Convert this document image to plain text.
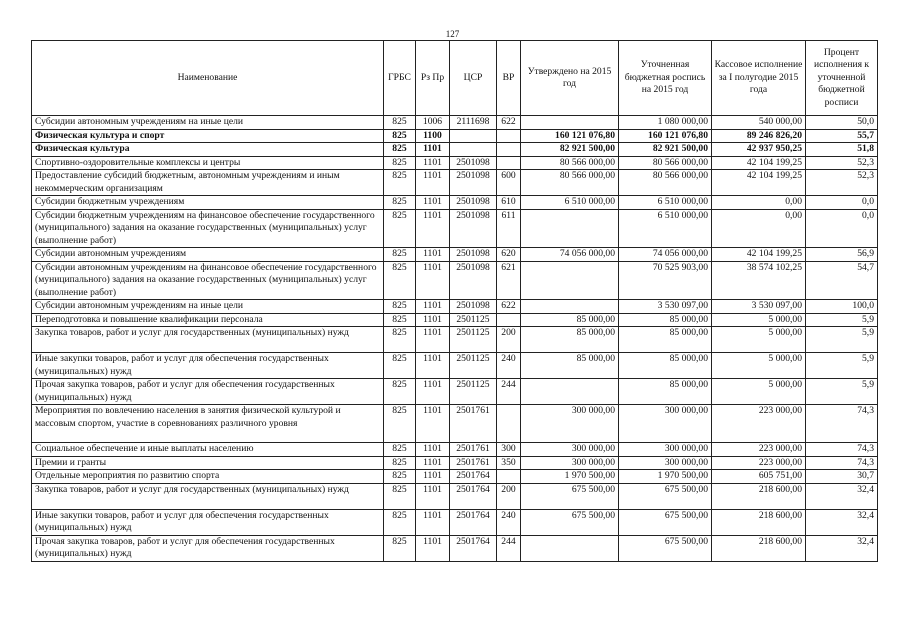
127
Наименование	ГРБС	Рз Пр	ЦСР	ВР	Утверждено на 2015 год	Уточненная бюджетная роспись на 2015 год	Кассовое исполнение за I полугодие 2015 года	Процент исполнения к уточненной бюджетной росписи
Субсидии автономным учреждениям на иные цели	825	1006	2111698	622		1 080 000,00	540 000,00	50,0
Физическая культура и спорт	825	1100			160 121 076,80	160 121 076,80	89 246 826,20	55,7
Физическая культура	825	1101			82 921 500,00	82 921 500,00	42 937 950,25	51,8
Спортивно-оздоровительные комплексы и центры	825	1101	2501098		80 566 000,00	80 566 000,00	42 104 199,25	52,3
Предоставление субсидий бюджетным, автономным учреждениям и иным некоммерческим организациям	825	1101	2501098	600	80 566 000,00	80 566 000,00	42 104 199,25	52,3
Субсидии бюджетным учреждениям	825	1101	2501098	610	6 510 000,00	6 510 000,00	0,00	0,0
Субсидии бюджетным учреждениям на финансовое обеспечение государственного (муниципального) задания на оказание государственных (муниципальных) услуг (выполнение работ)	825	1101	2501098	611		6 510 000,00	0,00	0,0
Субсидии автономным учреждениям	825	1101	2501098	620	74 056 000,00	74 056 000,00	42 104 199,25	56,9
Субсидии автономным учреждениям на финансовое обеспечение государственного (муниципального) задания на оказание государственных (муниципальных) услуг (выполнение работ)	825	1101	2501098	621		70 525 903,00	38 574 102,25	54,7
Субсидии автономным учреждениям на иные цели	825	1101	2501098	622		3 530 097,00	3 530 097,00	100,0
Переподготовка и повышение квалификации персонала	825	1101	2501125		85 000,00	85 000,00	5 000,00	5,9
Закупка товаров, работ и услуг для государственных (муниципальных) нужд	825	1101	2501125	200	85 000,00	85 000,00	5 000,00	5,9
Иные закупки товаров, работ и услуг для обеспечения государственных (муниципальных) нужд	825	1101	2501125	240	85 000,00	85 000,00	5 000,00	5,9
Прочая закупка товаров, работ и услуг для обеспечения государственных (муниципальных) нужд	825	1101	2501125	244		85 000,00	5 000,00	5,9
Мероприятия по вовлечению населения в занятия физической культурой и массовым спортом, участие в соревнованиях различного уровня	825	1101	2501761		300 000,00	300 000,00	223 000,00	74,3
Социальное обеспечение и иные выплаты населению	825	1101	2501761	300	300 000,00	300 000,00	223 000,00	74,3
Премии и гранты	825	1101	2501761	350	300 000,00	300 000,00	223 000,00	74,3
Отдельные мероприятия по развитию спорта	825	1101	2501764		1 970 500,00	1 970 500,00	605 751,00	30,7
Закупка товаров, работ и услуг для государственных (муниципальных) нужд	825	1101	2501764	200	675 500,00	675 500,00	218 600,00	32,4
Иные закупки товаров, работ и услуг для обеспечения государственных (муниципальных) нужд	825	1101	2501764	240	675 500,00	675 500,00	218 600,00	32,4
Прочая закупка товаров, работ и услуг для обеспечения государственных (муниципальных) нужд	825	1101	2501764	244		675 500,00	218 600,00	32,4
